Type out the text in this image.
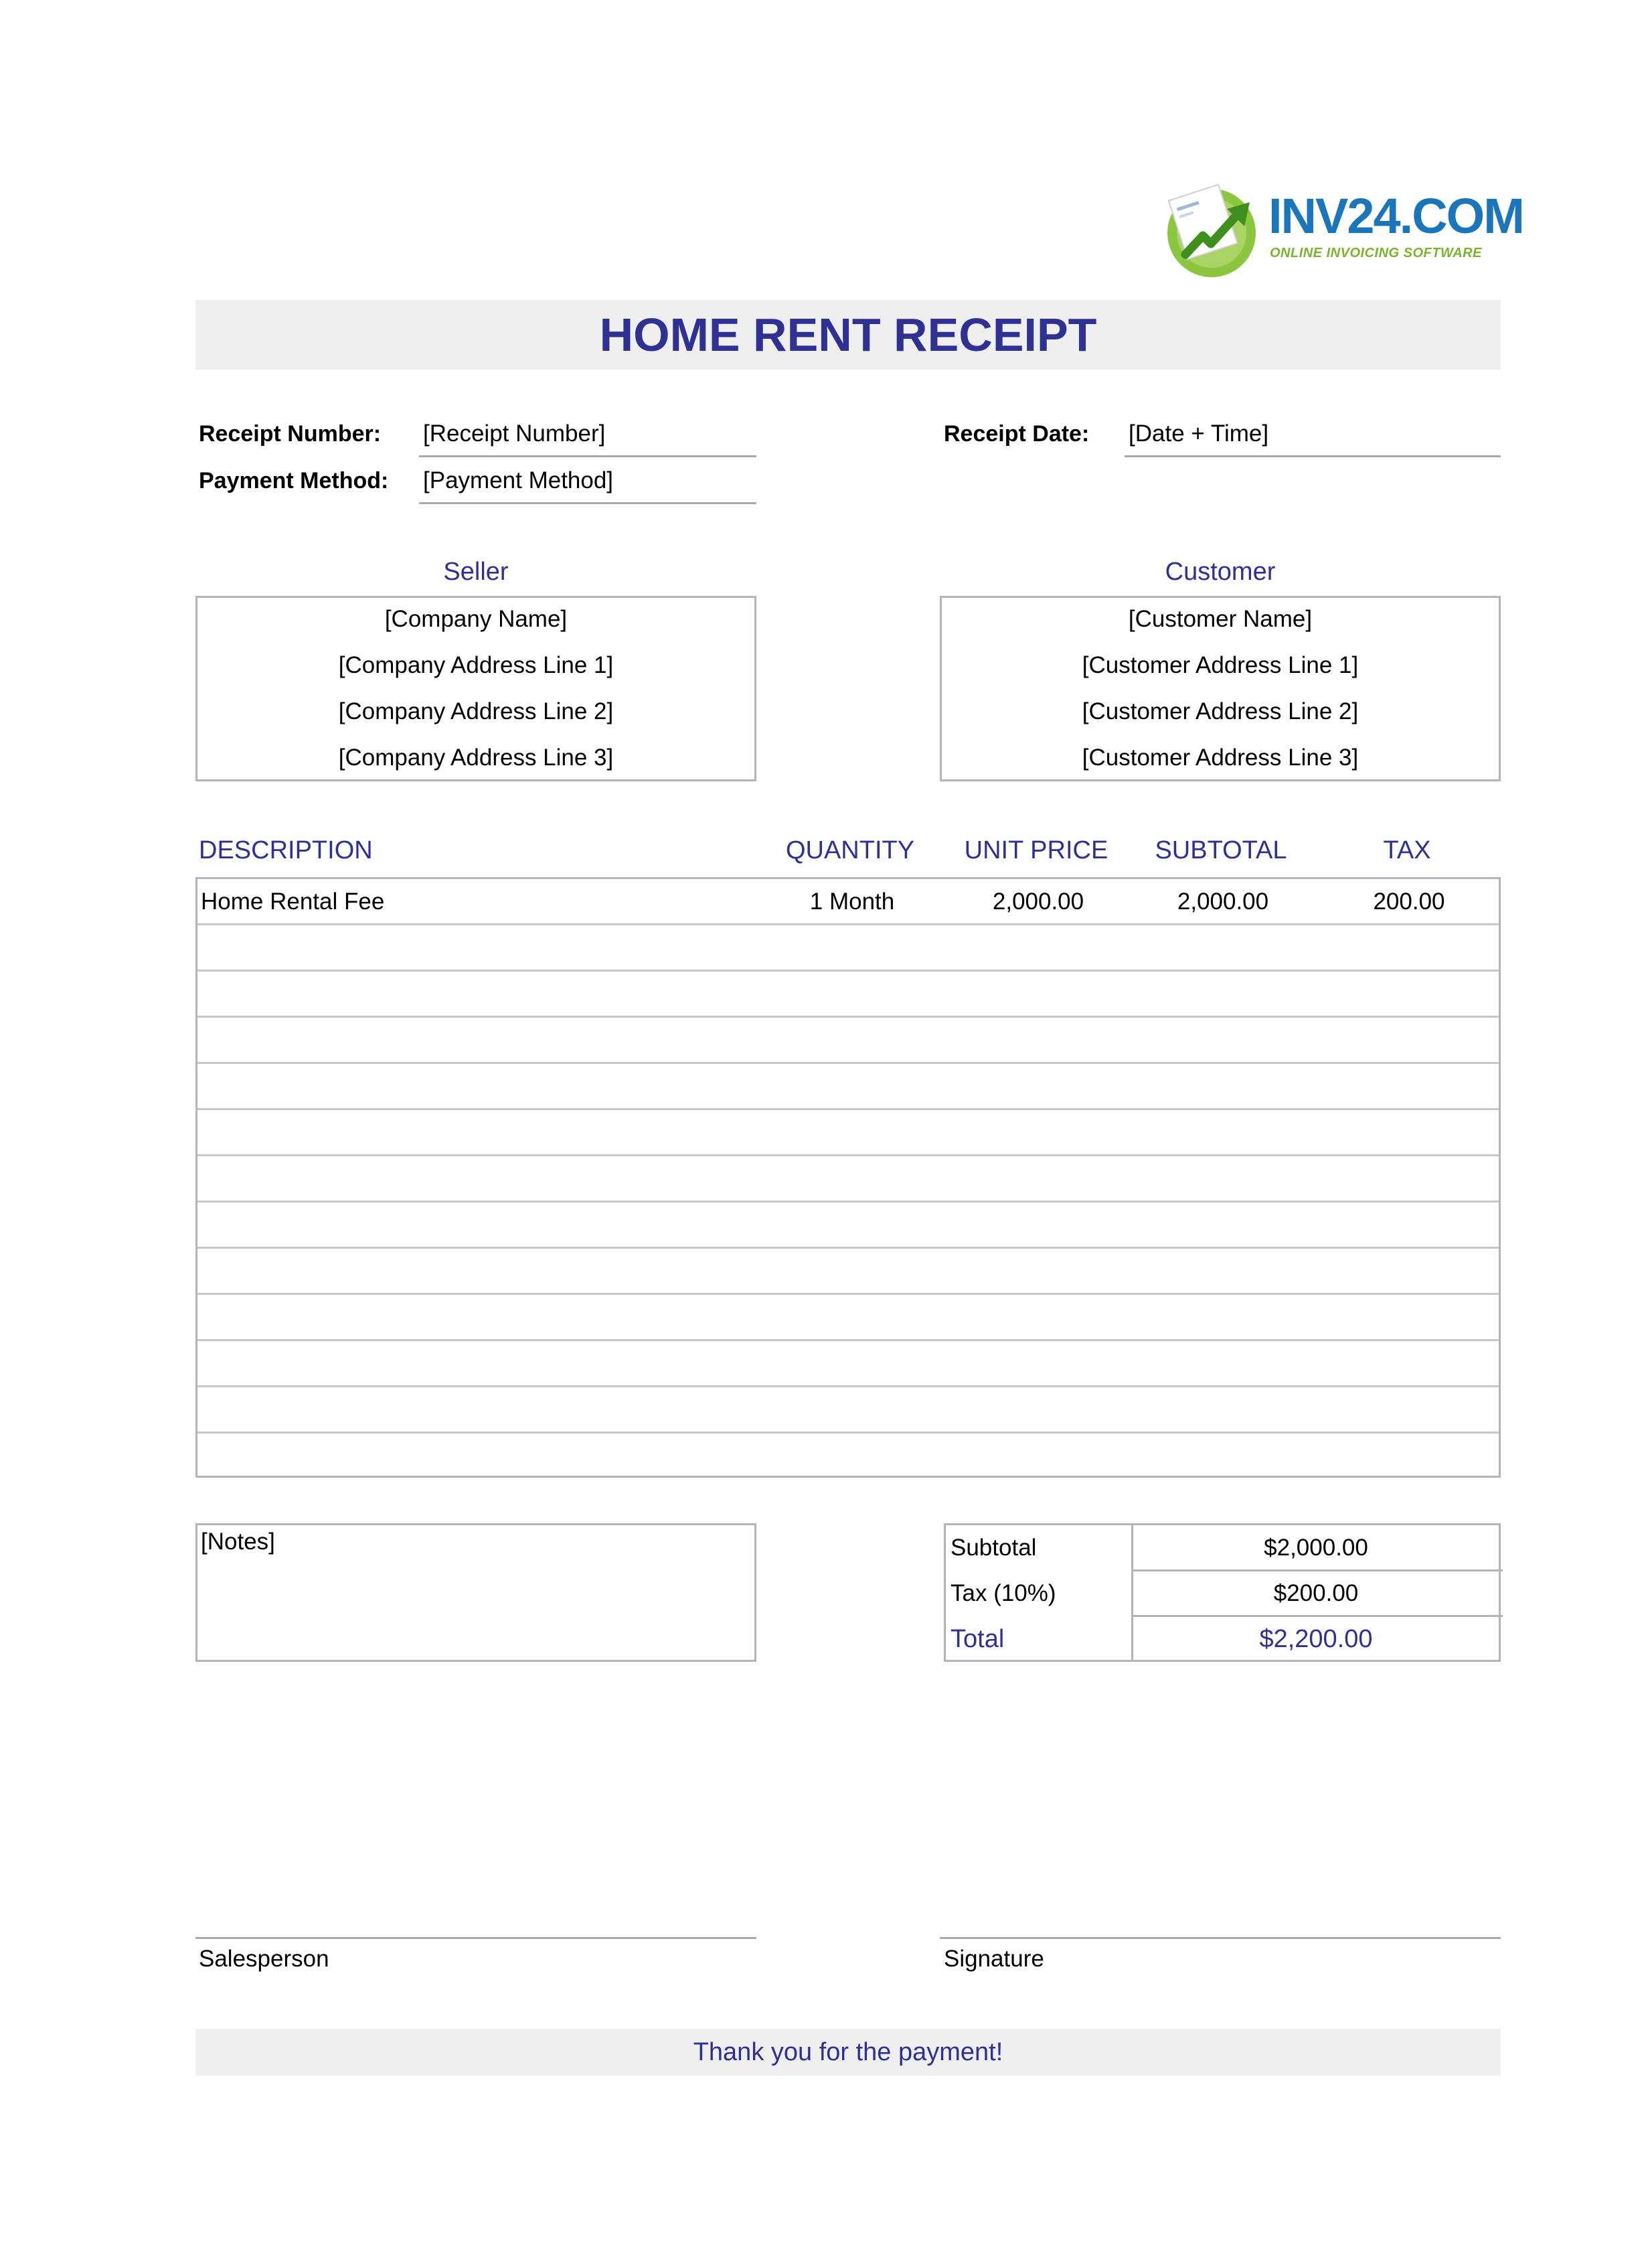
INV24.COM
ONLINE INVOICING SOFTWARE
HOME RENT RECEIPT
Receipt Number: [Receipt Number]
Payment Method: [Payment Method]
Receipt Date: [Date + Time]
Seller
[Company Name]
[Company Address Line 1]
[Company Address Line 2]
[Company Address Line 3]
Customer
[Customer Name]
[Customer Address Line 1]
[Customer Address Line 2]
[Customer Address Line 3]
DESCRIPTION	QUANTITY	UNIT PRICE	SUBTOTAL	TAX
Home Rental Fee	1 Month	2,000.00	2,000.00	200.00
[Notes]	Subtotal	$2,000.00
Tax (10%)	$200.00
Total	$2,200.00
Salesperson	Signature
Thank you for the payment!
